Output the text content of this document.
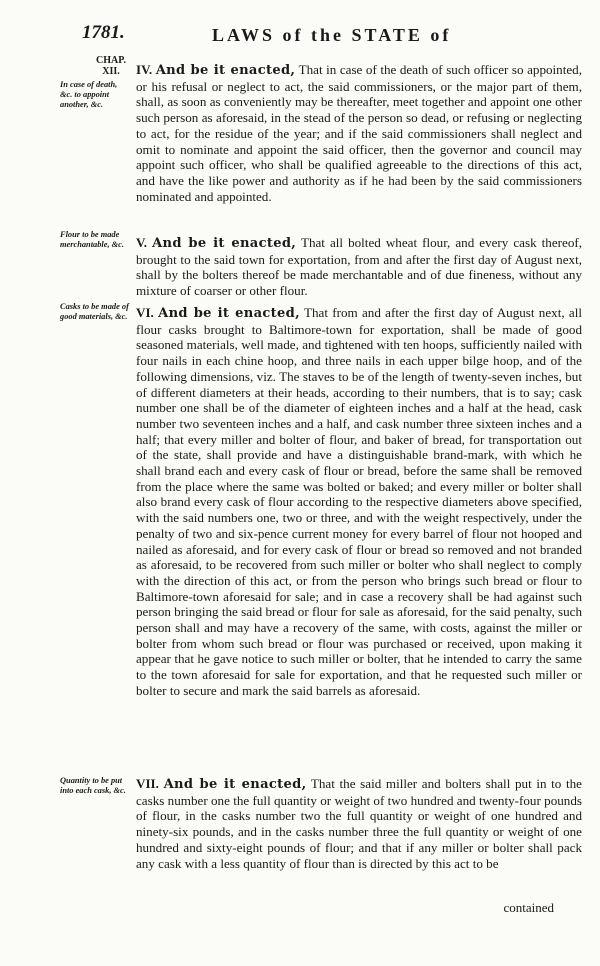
1781.	LAWS of the STATE of
CHAP.
XII.
In case of death, &c. to appoint another, &c.

IV. And be it enacted, That in case of the death of such officer so appointed, or his refusal or neglect to act, the said commissioners, or the major part of them, shall, as soon as conveniently may be thereafter, meet together and appoint one other such person as aforesaid, in the stead of the person so dead, or refusing or neglecting to act, for the residue of the year; and if the said commissioners shall neglect and omit to nominate and appoint the said officer, then the governor and council may appoint such officer, who shall be qualified agreeable to the directions of this act, and have the like power and authority as if he had been by the said commissioners nominated and appointed.

Flour to be made merchantable, &c. V. And be it enacted, That all bolted wheat flour, and every cask thereof, brought to the said town for exportation, from and after the first day of August next, shall by the bolters thereof be made merchantable and of due fineness, without any mixture of coarser or other flour.

Casks to be made of good materials, &c. VI. And be it enacted, That from and after the first day of August next, all flour casks brought to Baltimore-town for exportation, shall be made of good seasoned materials, well made, and tightened with ten hoops, sufficiently nailed with four nails in each chine hoop, and three nails in each upper bilge hoop, and of the following dimensions, viz. The staves to be of the length of twenty-seven inches, but of different diameters at their heads, according to their numbers, that is to say; cask number one shall be of the diameter of eighteen inches and a half at the head, cask number two seventeen inches and a half, and cask number three sixteen inches and a half; that every miller and bolter of flour, and baker of bread, for transportation out of the state, shall provide and have a distinguishable brand-mark, with which he shall brand each and every cask of flour or bread, before the same shall be removed from the place where the same was bolted or baked; and every miller or bolter shall also brand every cask of flour according to the respective diameters above specified, with the said numbers one, two or three, and with the weight respectively, under the penalty of two and six-pence current money for every barrel of flour not hooped and nailed as aforesaid, and for every cask of flour or bread so removed and not branded as aforesaid, to be recovered from such miller or bolter who shall neglect to comply with the direction of this act, or from the person who brings such bread or flour to Baltimore-town aforesaid for sale; and in case a recovery shall be had against such person bringing the said bread or flour for sale as aforesaid, for the said penalty, such person shall and may have a recovery of the same, with costs, against the miller or bolter from whom such bread or flour was purchased or received, upon making it appear that he gave notice to such miller or bolter, that he intended to carry the same to the town aforesaid for sale for exportation, and that he requested such miller or bolter to secure and mark the said barrels as aforesaid.

Quantity to be put into each cask, &c. VII. And be it enacted, That the said miller and bolters shall put in to the casks number one the full quantity or weight of two hundred and twenty-four pounds of flour, in the casks number two the full quantity or weight of one hundred and ninety-six pounds, and in the casks number three the full quantity or weight of one hundred and sixty-eight pounds of flour; and that if any miller or bolter shall pack any cask with a less quantity of flour than is directed by this act to be

contained
